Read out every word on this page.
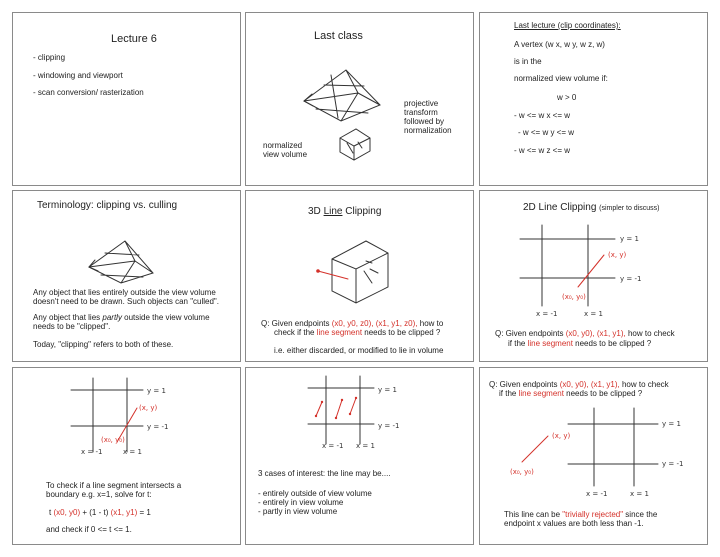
Lecture 6
- clipping
- windowing and viewport
- scan conversion/ rasterization
Last class
projective
transform
followed by
normalization
normalized
view volume
Last lecture (clip coordinates):
A vertex (w x, w y, w z, w)
is in the
normalized view volume if:
w > 0
- w <= w x <= w
- w <= w y <= w
- w <= w z <= w
Terminology: clipping vs. culling
Any object that lies entirely outside the view volume
doesn't need to be drawn. Such objects can "culled".
Any object that lies partly outside the view volume
needs to be "clipped".
Today, "clipping" refers to both of these.
3D Line Clipping
Q: Given endpoints (x0, y0, z0), (x1, y1, z0), how to
check if the line segment needs to be clipped ?
i.e. either discarded, or modified to lie in volume
2D Line Clipping (simpler to discuss)
y = 1
y = -1
x = -1	x = 1
(x, y)
(x₀, y₀)
Q: Given endpoints (x0, y0), (x1, y1), how to check
if the line segment needs to be clipped ?
y = 1
y = -1
x = -1	x = 1
(x, y)
(x₀, y₀)
To check if a line segment intersects a
boundary e.g. x=1, solve for t:
t (x0, y0) + (1 - t) (x1, y1) = 1
and check if 0 <= t <= 1.
y = 1
y = -1
x = -1 x = 1
3 cases of interest: the line may be....
- entirely outside of view volume
- entirely in view volume
- partly in view volume
Q: Given endpoints (x0, y0), (x1, y1), how to check
if the line segment needs to be clipped ?
y = 1
y = -1
x = -1	x = 1
(x, y)
(x₀, y₀)
This line can be "trivially rejected" since the
endpoint x values are both less than -1.
